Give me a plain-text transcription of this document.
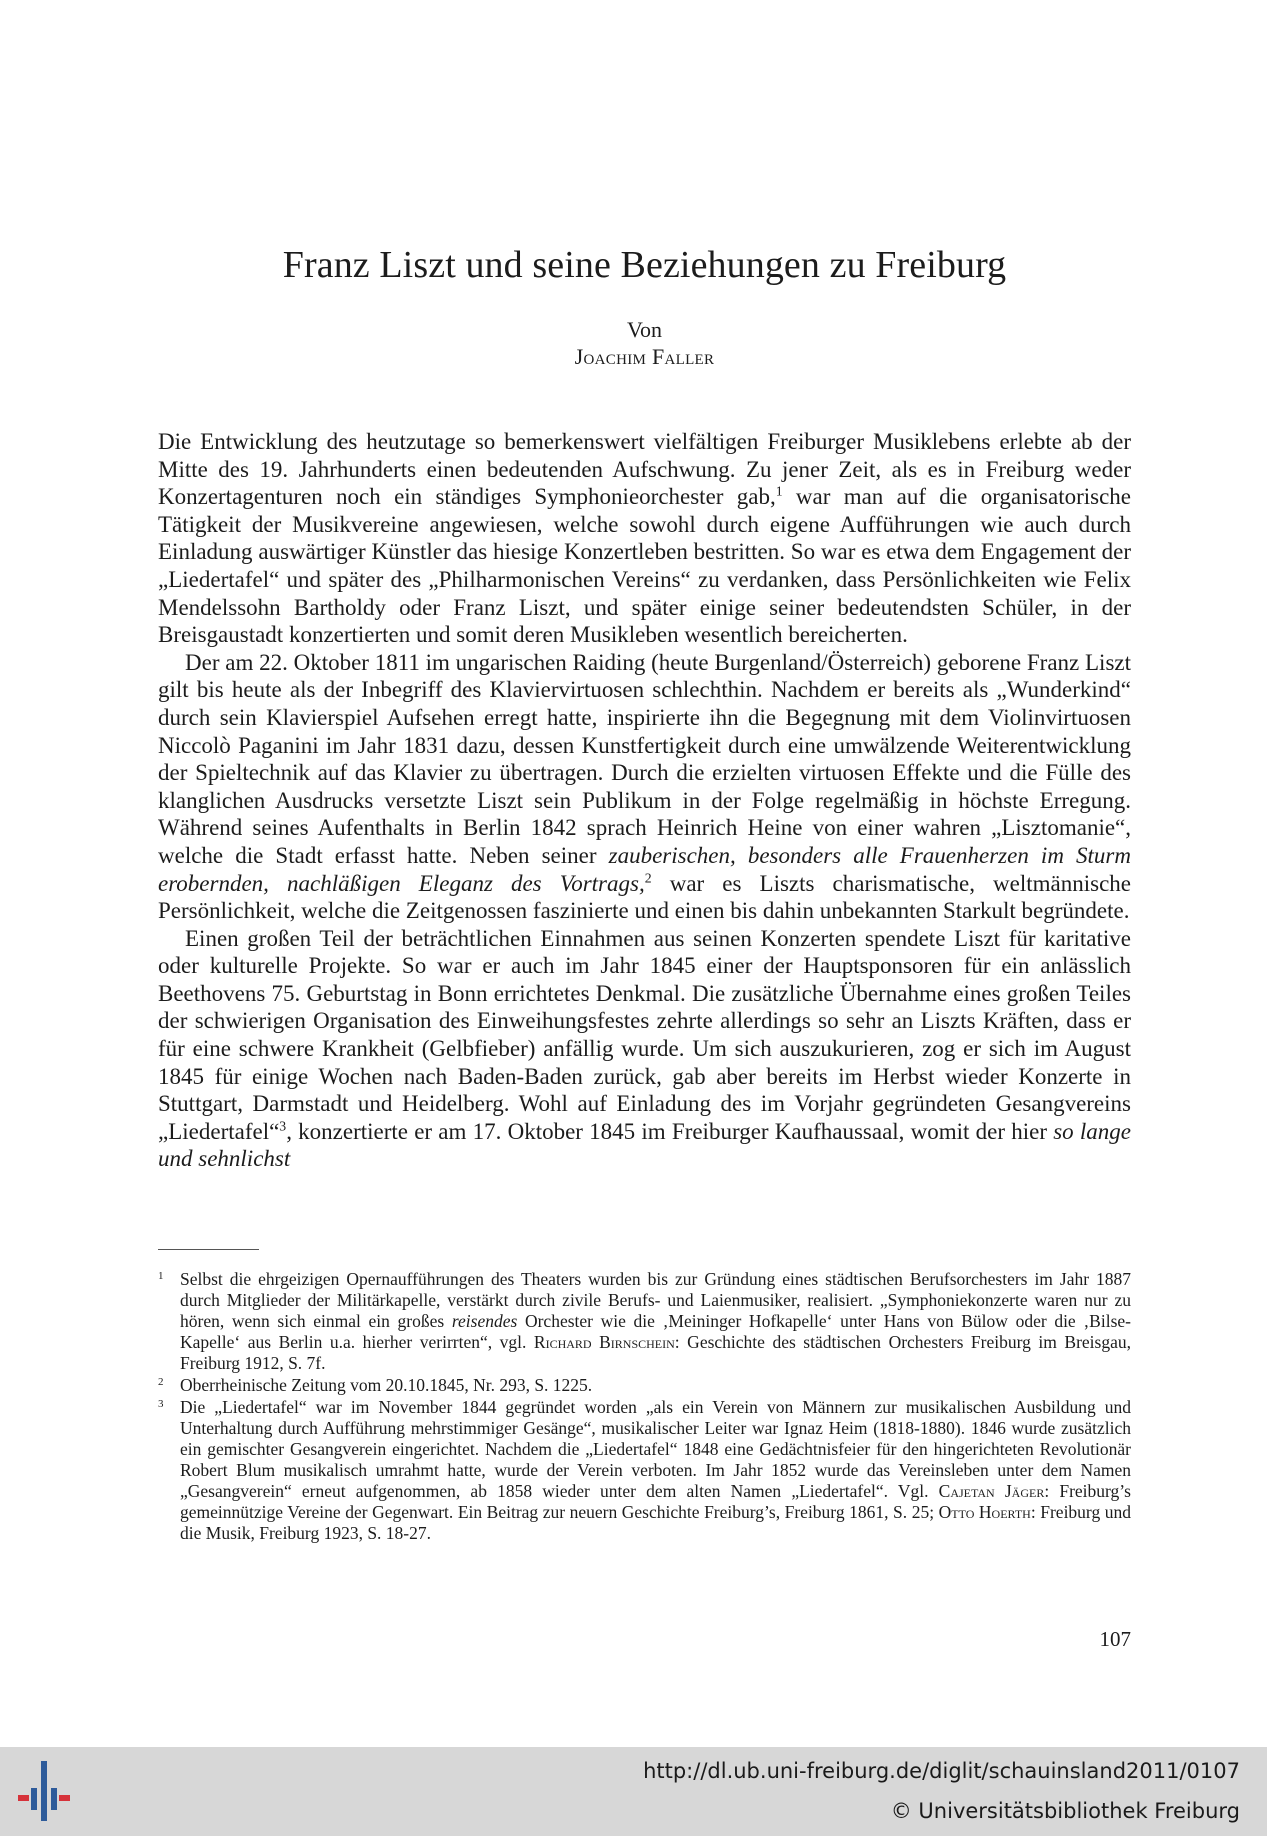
Franz Liszt und seine Beziehungen zu Freiburg
Von
Joachim Faller

Die Entwicklung des heutzutage so bemerkenswert vielfältigen Freiburger Musiklebens erlebte ab der Mitte des 19. Jahrhunderts einen bedeutenden Aufschwung. Zu jener Zeit, als es in Freiburg weder Konzertagenturen noch ein ständiges Symphonieorchester gab,$^1$ war man auf die organisatorische Tätigkeit der Musikvereine angewiesen, welche sowohl durch eigene Aufführungen wie auch durch Einladung auswärtiger Künstler das hiesige Konzertleben bestritten. So war es etwa dem Engagement der „Liedertafel“ und später des „Philharmonischen Vereins“ zu verdanken, dass Persönlichkeiten wie Felix Mendelssohn Bartholdy oder Franz Liszt, und später einige seiner bedeutendsten Schüler, in der Breisgaustadt konzertierten und somit deren Musikleben wesentlich bereicherten.

Der am 22. Oktober 1811 im ungarischen Raiding (heute Burgenland/Österreich) geborene Franz Liszt gilt bis heute als der Inbegriff des Klaviervirtuosen schlechthin. Nachdem er bereits als „Wunderkind“ durch sein Klavierspiel Aufsehen erregt hatte, inspirierte ihn die Begegnung mit dem Violinvirtuosen Niccolò Paganini im Jahr 1831 dazu, dessen Kunstfertigkeit durch eine umwälzende Weiterentwicklung der Spieltechnik auf das Klavier zu übertragen. Durch die erzielten virtuosen Effekte und die Fülle des klanglichen Ausdrucks versetzte Liszt sein Publikum in der Folge regelmäßig in höchste Erregung. Während seines Aufenthalts in Berlin 1842 sprach Heinrich Heine von einer wahren „Lisztomanie“, welche die Stadt erfasst hatte. Neben seiner zauberischen, besonders alle Frauenherzen im Sturm erobernden, nachläßigen Eleganz des Vortrags,$^2$ war es Liszts charismatische, weltmännische Persönlichkeit, welche die Zeitgenossen faszinierte und einen bis dahin unbekannten Starkult begründete.

Einen großen Teil der beträchtlichen Einnahmen aus seinen Konzerten spendete Liszt für karitative oder kulturelle Projekte. So war er auch im Jahr 1845 einer der Hauptsponsoren für ein anlässlich Beethovens 75. Geburtstag in Bonn errichtetes Denkmal. Die zusätzliche Übernahme eines großen Teiles der schwierigen Organisation des Einweihungsfestes zehrte allerdings so sehr an Liszts Kräften, dass er für eine schwere Krankheit (Gelbfieber) anfällig wurde. Um sich auszukurieren, zog er sich im August 1845 für einige Wochen nach Baden-Baden zurück, gab aber bereits im Herbst wieder Konzerte in Stuttgart, Darmstadt und Heidelberg. Wohl auf Einladung des im Vorjahr gegründeten Gesangvereins „Liedertafel“$^3$, konzertierte er am 17. Oktober 1845 im Freiburger Kaufhaussaal, womit der hier so lange und sehnlichst

1 Selbst die ehrgeizigen Opernaufführungen des Theaters wurden bis zur Gründung eines städtischen Berufsorchesters im Jahr 1887 durch Mitglieder der Militärkapelle, verstärkt durch zivile Berufs- und Laienmusiker, realisiert. „Symphoniekonzerte waren nur zu hören, wenn sich einmal ein großes reisendes Orchester wie die ‚Meininger Hofkapelle‘ unter Hans von Bülow oder die ‚Bilse-Kapelle‘ aus Berlin u.a. hierher verirrten“, vgl. Richard Birnschein: Geschichte des städtischen Orchesters Freiburg im Breisgau, Freiburg 1912, S. 7f.
2 Oberrheinische Zeitung vom 20.10.1845, Nr. 293, S. 1225.
3 Die „Liedertafel“ war im November 1844 gegründet worden „als ein Verein von Männern zur musikalischen Ausbildung und Unterhaltung durch Aufführung mehrstimmiger Gesänge“, musikalischer Leiter war Ignaz Heim (1818-1880). 1846 wurde zusätzlich ein gemischter Gesangverein eingerichtet. Nachdem die „Liedertafel“ 1848 eine Gedächtnisfeier für den hingerichteten Revolutionär Robert Blum musikalisch umrahmt hatte, wurde der Verein verboten. Im Jahr 1852 wurde das Vereinsleben unter dem Namen „Gesangverein“ erneut aufgenommen, ab 1858 wieder unter dem alten Namen „Liedertafel“. Vgl. Cajetan Jäger: Freiburg’s gemeinnützige Vereine der Gegenwart. Ein Beitrag zur neuern Geschichte Freiburg’s, Freiburg 1861, S. 25; Otto Hoerth: Freiburg und die Musik, Freiburg 1923, S. 18-27.
107
http://dl.ub.uni-freiburg.de/diglit/schauinsland2011/0107
© Universitätsbibliothek Freiburg
